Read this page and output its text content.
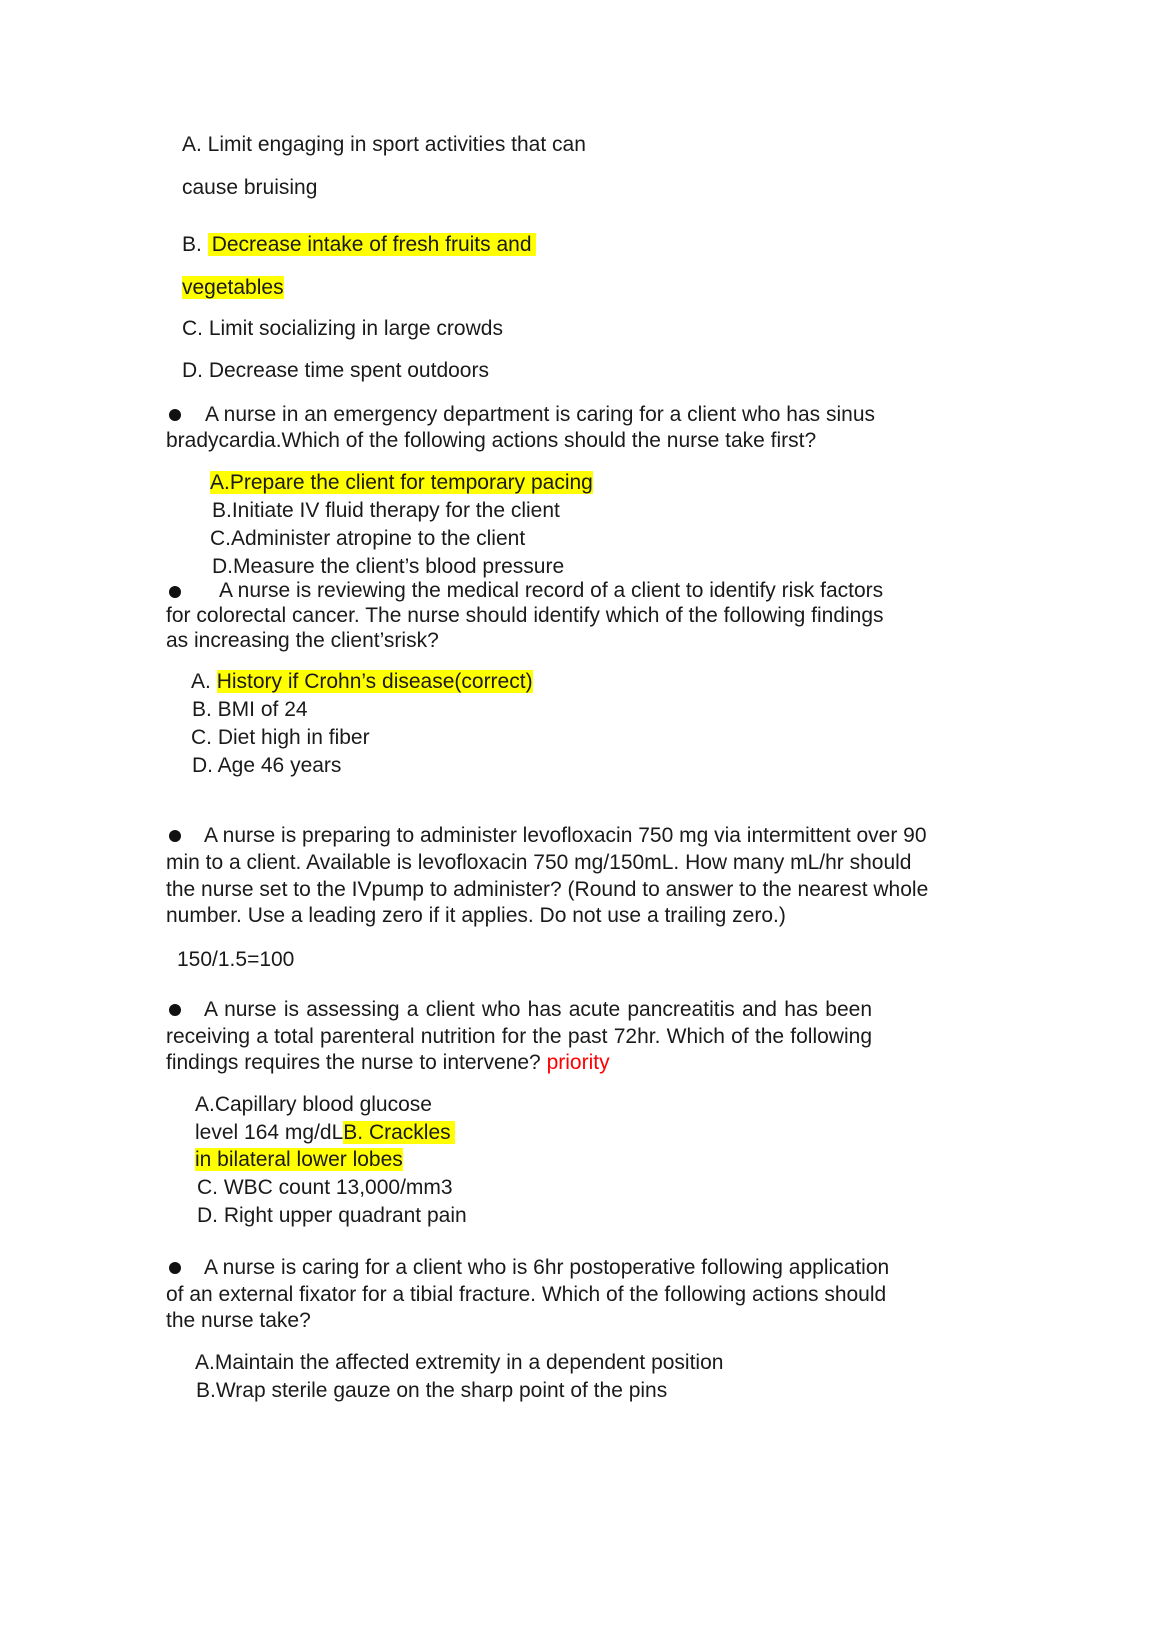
A. Limit engaging in sport activities that can
cause bruising
B. Decrease intake of fresh fruits and
vegetables
C. Limit socializing in large crowds
D. Decrease time spent outdoors
A nurse in an emergency department is caring for a client who has sinus
bradycardia.Which of the following actions should the nurse take first?
A.Prepare the client for temporary pacing
B.Initiate IV fluid therapy for the client
C.Administer atropine to the client
D.Measure the client’s blood pressure
A nurse is reviewing the medical record of a client to identify risk factors
for colorectal cancer. The nurse should identify which of the following findings
as increasing the client’srisk?
A. History if Crohn’s disease(correct)
B. BMI of 24
C. Diet high in fiber
D. Age 46 years
A nurse is preparing to administer levofloxacin 750 mg via intermittent over 90
min to a client. Available is levofloxacin 750 mg/150mL. How many mL/hr should
the nurse set to the IVpump to administer? (Round to answer to the nearest whole
number. Use a leading zero if it applies. Do not use a trailing zero.)
150/1.5=100
A nurse is assessing a client who has acute pancreatitis and has been
receiving a total parenteral nutrition for the past 72hr. Which of the following
findings requires the nurse to intervene? priority
A.Capillary blood glucose
level 164 mg/dLB. Crackles
in bilateral lower lobes
C. WBC count 13,000/mm3
D. Right upper quadrant pain
A nurse is caring for a client who is 6hr postoperative following application
of an external fixator for a tibial fracture. Which of the following actions should
the nurse take?
A.Maintain the affected extremity in a dependent position
B.Wrap sterile gauze on the sharp point of the pins
